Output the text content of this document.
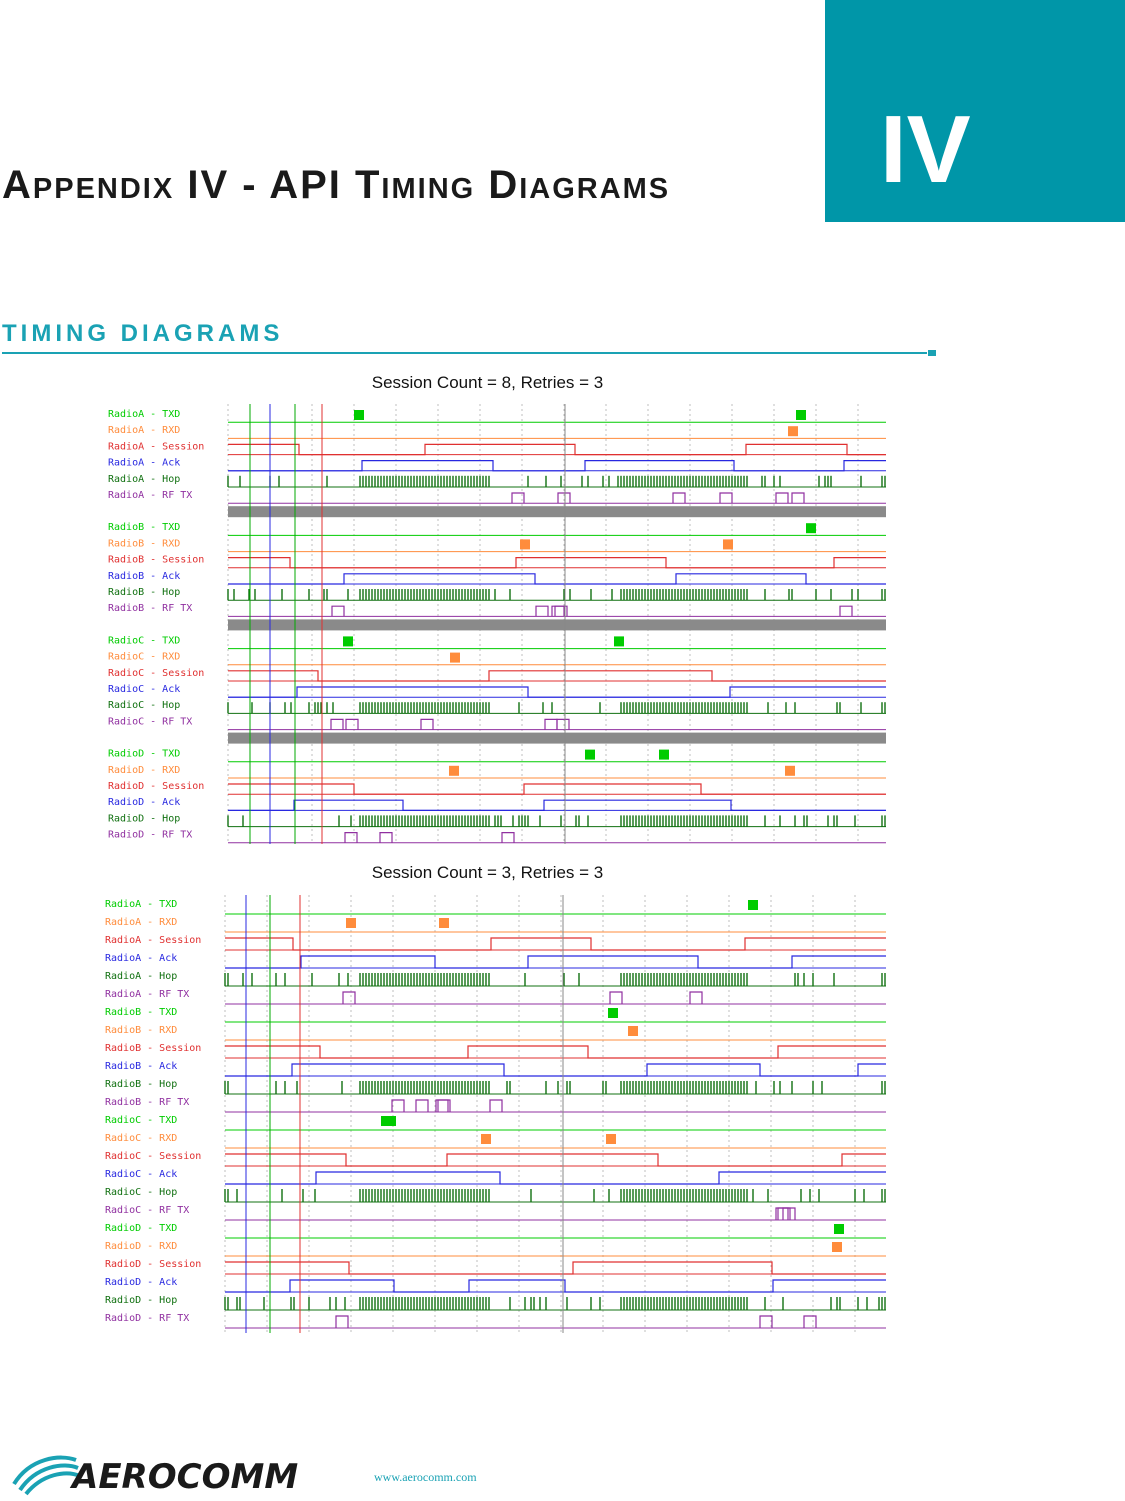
APPENDIX IV - API TIMING DIAGRAMS IV
TIMING DIAGRAMS
Session Count = 8, Retries = 3
RadioA - TXD
RadioA - RXD
RadioA - Session
RadioA - Ack
RadioA - Hop
RadioA - RF TX
RadioB - TXD
RadioB - RXD
RadioB - Session
RadioB - Ack
RadioB - Hop
RadioB - RF TX
RadioC - TXD
RadioC - RXD
RadioC - Session
RadioC - Ack
RadioC - Hop
RadioC - RF TX
RadioD - TXD
RadioD - RXD
RadioD - Session
RadioD - Ack
RadioD - Hop
RadioD - RF TX
Session Count = 3, Retries = 3
RadioA - TXD
RadioA - RXD
RadioA - Session
RadioA - Ack
RadioA - Hop
RadioA - RF TX
RadioB - TXD
RadioB - RXD
RadioB - Session
RadioB - Ack
RadioB - Hop
RadioB - RF TX
RadioC - TXD
RadioC - RXD
RadioC - Session
RadioC - Ack
RadioC - Hop
RadioC - RF TX
RadioD - TXD
RadioD - RXD
RadioD - Session
RadioD - Ack
RadioD - Hop
RadioD - RF TX
AEROCOMM	www.aerocomm.com
